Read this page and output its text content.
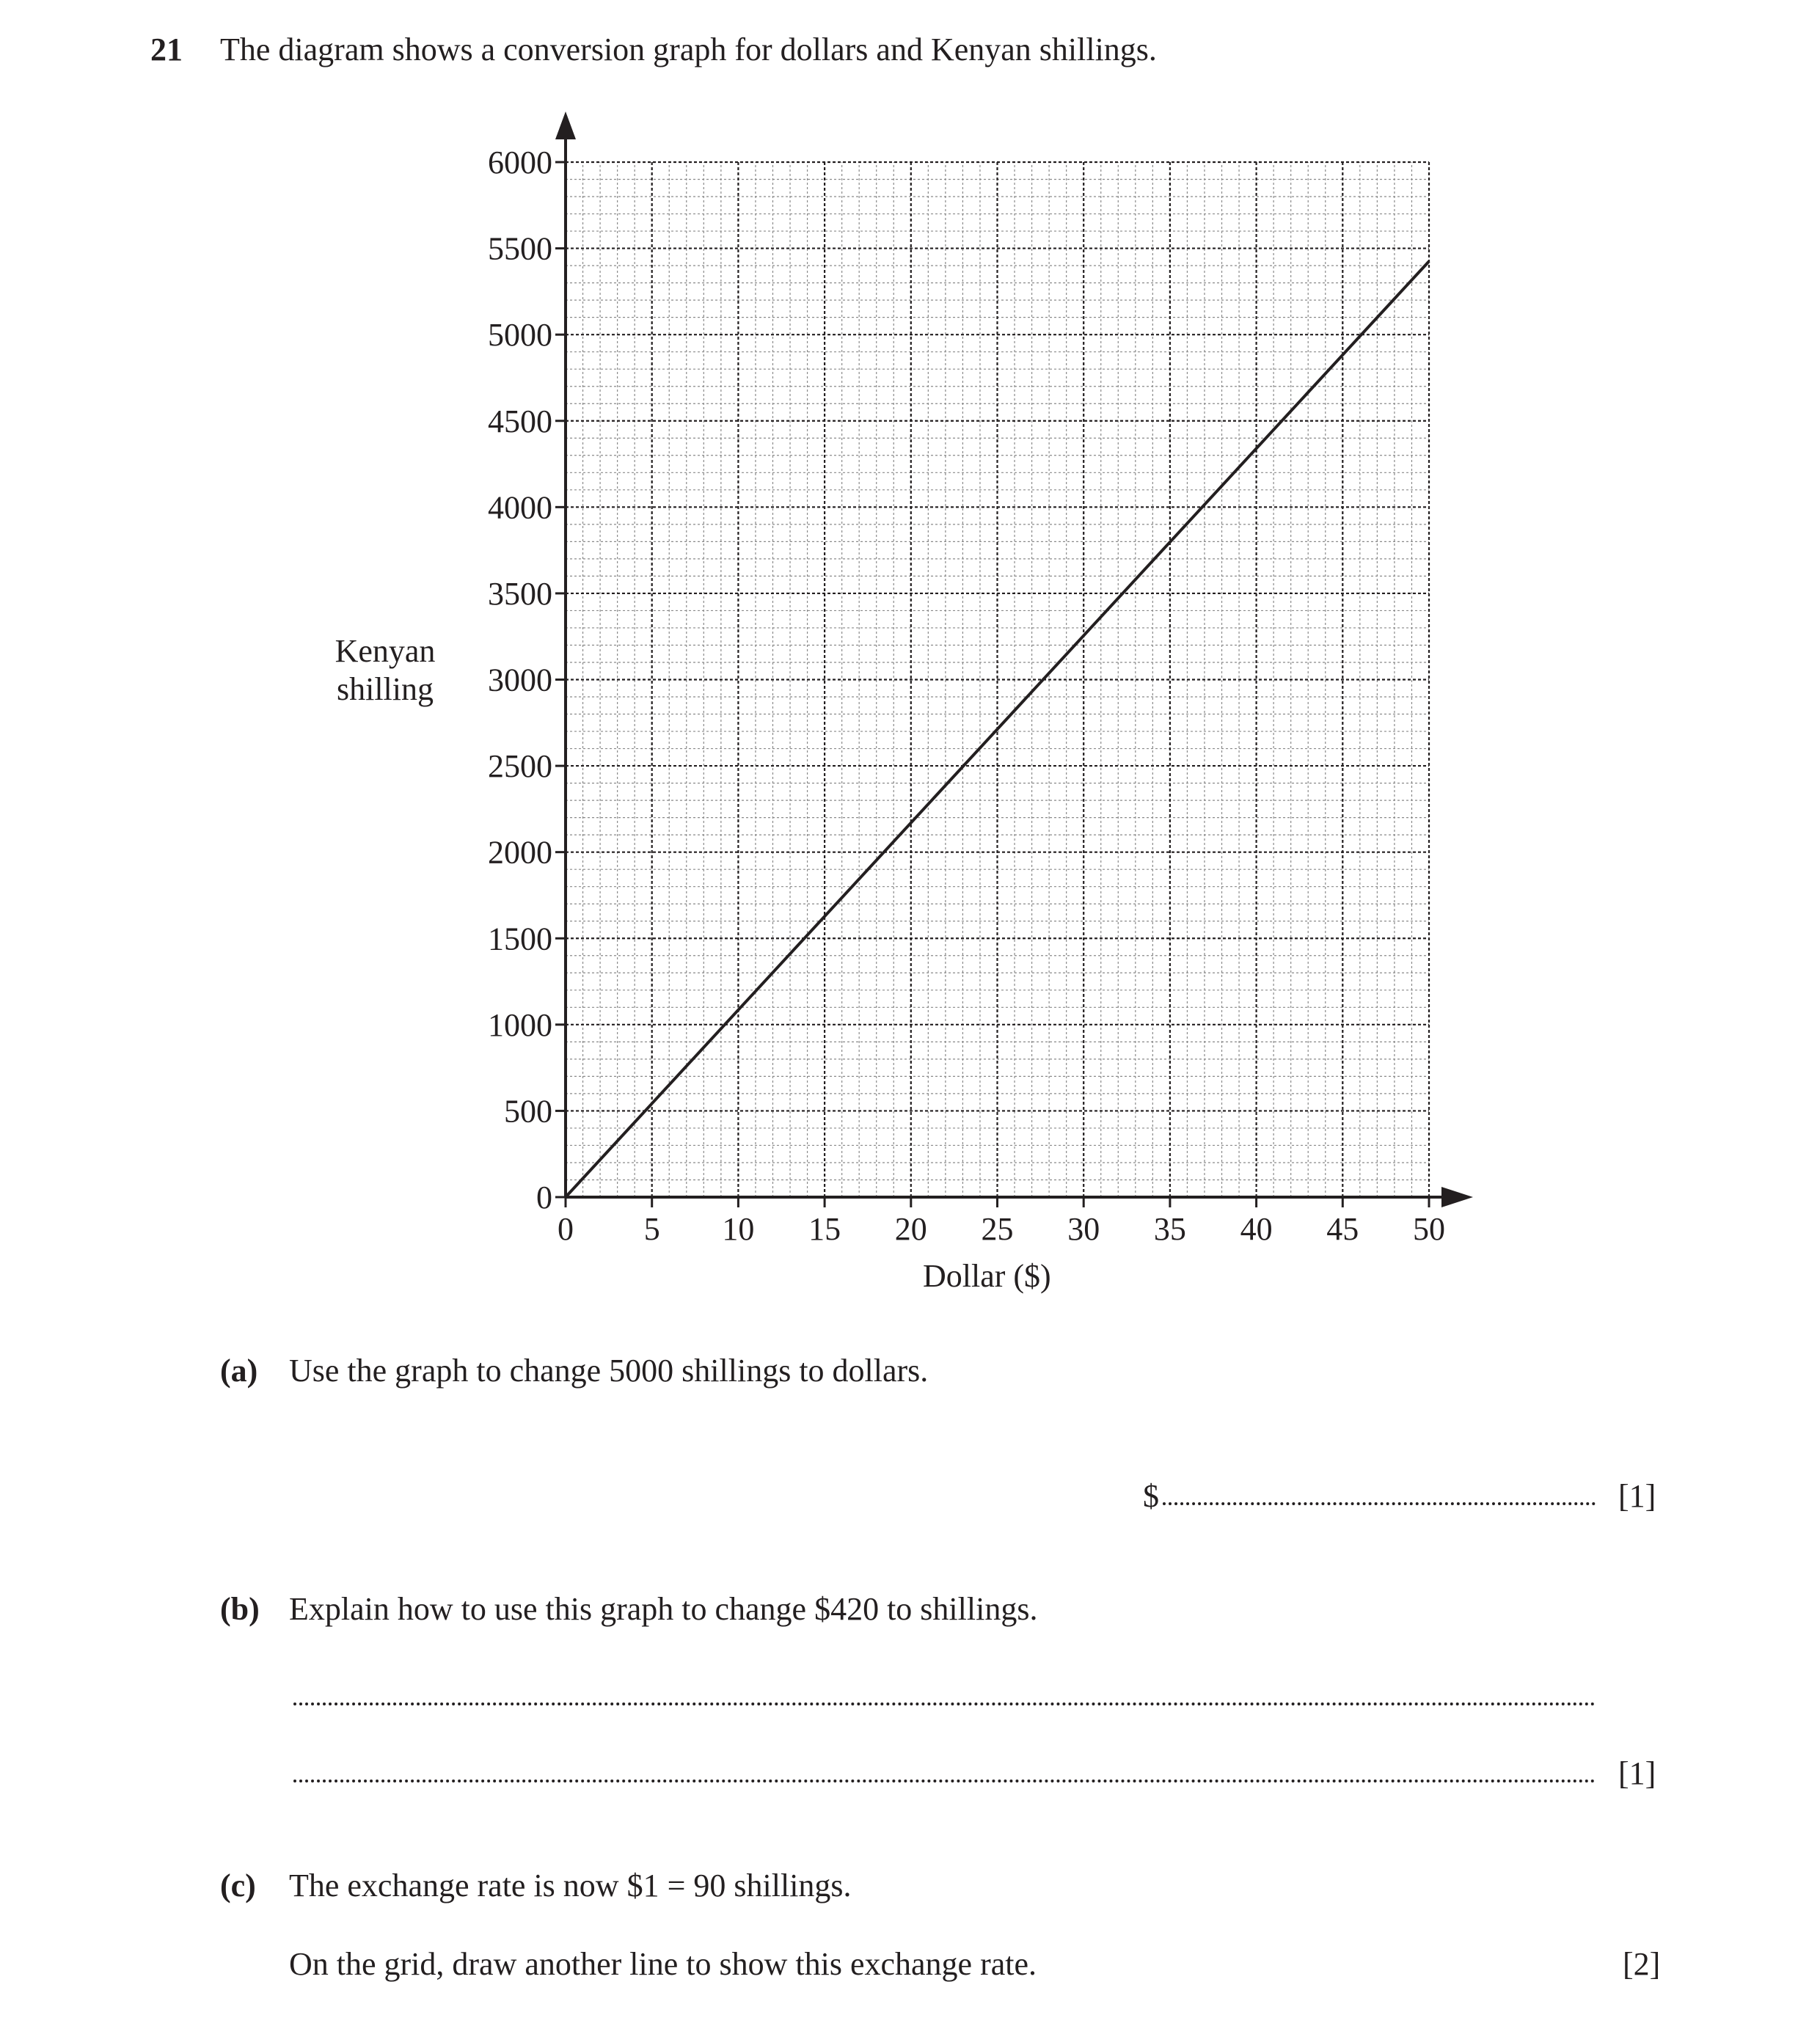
21 The diagram shows a conversion graph for dollars and Kenyan shillings.
0
500
1000
1500
2000
2500
3000
3500
4000
4500
5000
5500
6000
0 5 10 15 20 25 30 35 40 45 50
Kenyan
shilling
Dollar ($)
(a) Use the graph to change 5000 shillings to dollars.
$	[1]
(b) Explain how to use this graph to change $420 to shillings.
[1]
(c) The exchange rate is now $1 = 90 shillings.
On the grid, draw another line to show this exchange rate.	[2]
